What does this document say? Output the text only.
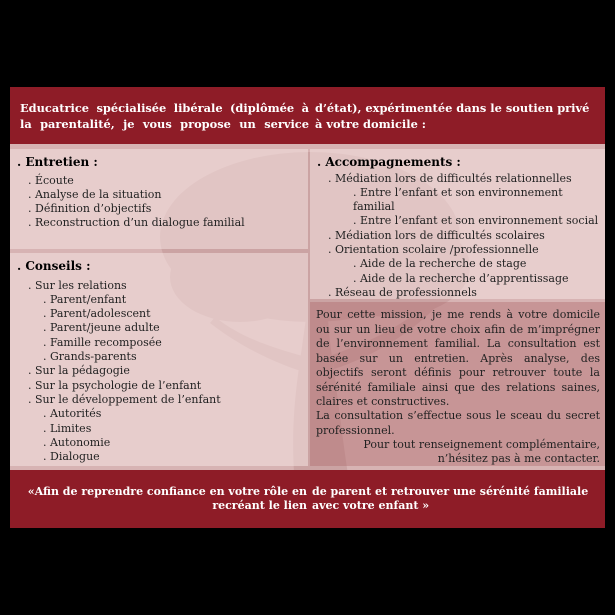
Educatrice spécialisée libérale (diplômée à la parentalité, je vous propose un service
d’état), expérimentée dans le soutien privé à votre domicile :

. Entretien :

. Écoute
. Analyse de la situation
. Définition d’objectifs
. Reconstruction d’un dialogue familial

. Conseils :

. Sur les relations
. Parent/enfant
. Parent/adolescent
. Parent/jeune adulte
. Famille recomposée
. Grands-parents
. Sur la pédagogie
. Sur la psychologie de l’enfant
. Sur le développement de l’enfant
. Autorités
. Limites
. Autonomie
. Dialogue

. Accompagnements :

. Médiation lors de difficultés relationnelles
. Entre l’enfant et son environnement familial
. Entre l’enfant et son environnement social
. Médiation lors de difficultés scolaires
. Orientation scolaire /professionnelle
. Aide de la recherche de stage
. Aide de la recherche d’apprentissage
. Réseau de professionnels
Pour cette mission, je me rends à votre domicile ou sur un lieu de votre choix afin de m’imprégner de l’environnement familial. La consultation est basée sur un entretien. Après analyse, des objectifs seront définis pour retrouver toute la sérénité familiale ainsi que des relations saines, claires et constructives.
La consultation s’effectue sous le sceau du secret professionnel.
Pour tout renseignement complémentaire,
n’hésitez pas à me contacter.
«Afin de reprendre confiance en votre rôle en recréant le lien
de parent et retrouver une sérénité familiale avec votre enfant »
